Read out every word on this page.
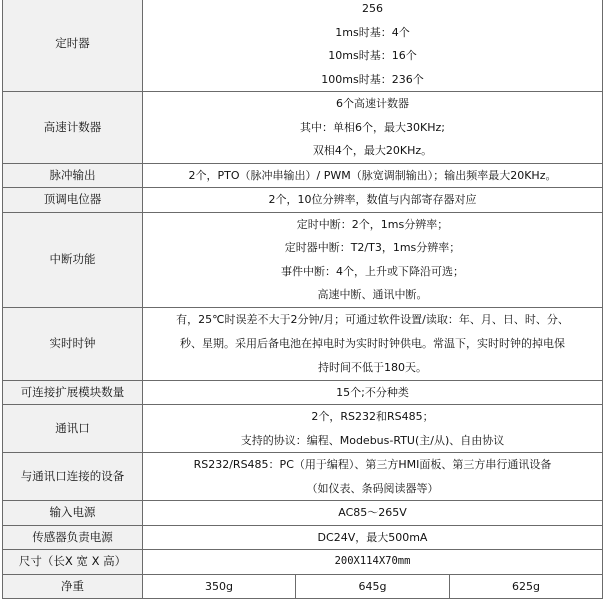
定时器	256
1ms时基：4个
10ms时基：16个
100ms时基：236个		

高速计数器	6个高速计数器
其中：单相6个，最大30KHz;
双相4个，最大20KHz。		

脉冲输出	2个，PTO（脉冲串输出）/ PWM（脉宽调制输出）；输出频率最大20KHz。		
顶调电位器	2个，10位分辨率，数值与内部寄存器对应		
中断功能	定时中断：2个，1ms分辨率；
定时器中断：T2/T3，1ms分辨率；
事件中断：4个，上升或下降沿可选；
高速中断、通讯中断。		

实时时钟	有，25℃时误差不大于2分钟/月；可通过软件设置/读取：年、月、日、时、分、
秒、星期。采用后备电池在掉电时为实时时钟供电。常温下，实时时钟的掉电保
持时间不低于180天。		

可连接扩展模块数量	15个;不分种类		
通讯口	2个，RS232和RS485；
支持的协议：编程、Modebus-RTU(主/从)、自由协议		

与通讯口连接的设备	RS232/RS485：PC（用于编程）、第三方HMI面板、第三方串行通讯设备
（如仪表、条码阅读器等）		

输入电源	AC85～265V		
传感器负责电源	DC24V，最大500mA		
尺寸（长X 宽 X 高）	200X114X70mm		
净重	350g	645g	625g
